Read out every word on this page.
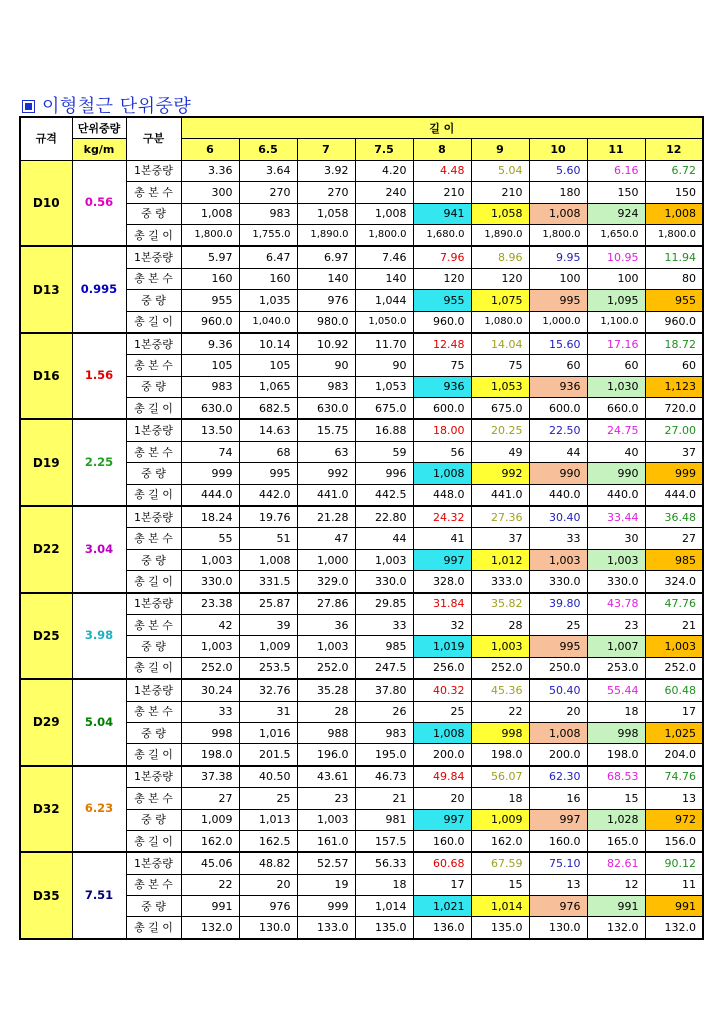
이형철근 단위중량
규격	단위중량	구분	길 이								
	kg/m		6	6.5	7	7.5	8	9	10	11	12
D10	0.56	1본중량	3.36	3.64	3.92	4.20	4.48	5.04	5.60	6.16	6.72
		총 본 수	300	270	270	240	210	210	180	150	150
		중 량	1,008	983	1,058	1,008	941	1,058	1,008	924	1,008
		총 길 이	1,800.0	1,755.0	1,890.0	1,800.0	1,680.0	1,890.0	1,800.0	1,650.0	1,800.0
D13	0.995	1본중량	5.97	6.47	6.97	7.46	7.96	8.96	9.95	10.95	11.94
		총 본 수	160	160	140	140	120	120	100	100	80
		중 량	955	1,035	976	1,044	955	1,075	995	1,095	955
		총 길 이	960.0	1,040.0	980.0	1,050.0	960.0	1,080.0	1,000.0	1,100.0	960.0
D16	1.56	1본중량	9.36	10.14	10.92	11.70	12.48	14.04	15.60	17.16	18.72
		총 본 수	105	105	90	90	75	75	60	60	60
		중 량	983	1,065	983	1,053	936	1,053	936	1,030	1,123
		총 길 이	630.0	682.5	630.0	675.0	600.0	675.0	600.0	660.0	720.0
D19	2.25	1본중량	13.50	14.63	15.75	16.88	18.00	20.25	22.50	24.75	27.00
		총 본 수	74	68	63	59	56	49	44	40	37
		중 량	999	995	992	996	1,008	992	990	990	999
		총 길 이	444.0	442.0	441.0	442.5	448.0	441.0	440.0	440.0	444.0
D22	3.04	1본중량	18.24	19.76	21.28	22.80	24.32	27.36	30.40	33.44	36.48
		총 본 수	55	51	47	44	41	37	33	30	27
		중 량	1,003	1,008	1,000	1,003	997	1,012	1,003	1,003	985
		총 길 이	330.0	331.5	329.0	330.0	328.0	333.0	330.0	330.0	324.0
D25	3.98	1본중량	23.38	25.87	27.86	29.85	31.84	35.82	39.80	43.78	47.76
		총 본 수	42	39	36	33	32	28	25	23	21
		중 량	1,003	1,009	1,003	985	1,019	1,003	995	1,007	1,003
		총 길 이	252.0	253.5	252.0	247.5	256.0	252.0	250.0	253.0	252.0
D29	5.04	1본중량	30.24	32.76	35.28	37.80	40.32	45.36	50.40	55.44	60.48
		총 본 수	33	31	28	26	25	22	20	18	17
		중 량	998	1,016	988	983	1,008	998	1,008	998	1,025
		총 길 이	198.0	201.5	196.0	195.0	200.0	198.0	200.0	198.0	204.0
D32	6.23	1본중량	37.38	40.50	43.61	46.73	49.84	56.07	62.30	68.53	74.76
		총 본 수	27	25	23	21	20	18	16	15	13
		중 량	1,009	1,013	1,003	981	997	1,009	997	1,028	972
		총 길 이	162.0	162.5	161.0	157.5	160.0	162.0	160.0	165.0	156.0
D35	7.51	1본중량	45.06	48.82	52.57	56.33	60.68	67.59	75.10	82.61	90.12
		총 본 수	22	20	19	18	17	15	13	12	11
		중 량	991	976	999	1,014	1,021	1,014	976	991	991
		총 길 이	132.0	130.0	133.0	135.0	136.0	135.0	130.0	132.0	132.0
